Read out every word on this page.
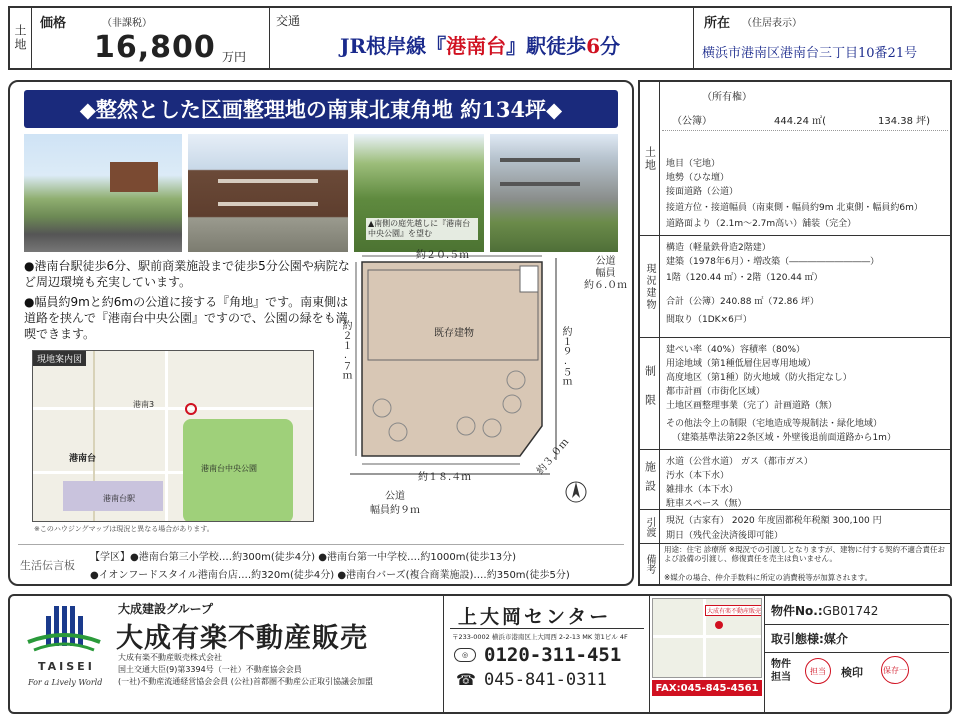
土地
価格	（非課税）
16,800 万円
交通
JR根岸線『港南台』駅徒歩6分
所在 （住居表示）
横浜市港南区港南台三丁目10番21号
◆整然とした区画整理地の南東北東角地 約134坪◆
▲南側の庭先越しに『港南台中央公園』を望む
●港南台駅徒歩6分、駅前商業施設まで徒歩5分公園や病院など周辺環境も充実しています。
●幅員約9mと約6mの公道に接する『角地』です。南東側は道路を挟んで『港南台中央公園』ですので、公園の緑をも満喫できます。
現地案内図
港南台
港南台中央公園
港南台駅
港南3
※このハウジングマップは現況と異なる場合があります。
約２０.５ｍ
約２１.７ｍ	約１９.５ｍ
約１８.４ｍ
約３.０ｍ
既存建物
公道
幅員
約６.０ｍ
公道
幅員約９ｍ
生活伝言板
【学区】●港南台第三小学校‥‥約300m(徒歩4分) ●港南台第一中学校‥‥約1000m(徒歩13分)
●イオンフードスタイル港南台店‥‥約320m(徒歩4分) ●港南台バーズ(複合商業施設)‥‥約350m(徒歩5分)
土地
（所有権）
（公簿）	444.24 ㎡(	134.38 坪)
地目（宅地）
地勢（ひな壇）
接面道路（公道）
接道方位・接道幅員（南東側・幅員約9m 北東側・幅員約6m）
道路面より（2.1m～2.7m高い）舗装（完全）
現況建物
構造（軽量鉄骨造2階建）
建築（1978年6月）・増改築（―――――――――）
1階（120.44 ㎡）・2階（120.44 ㎡）
合計（公簿）240.88 ㎡（72.86 坪）
間取り（1DK×6戸）
制限
建ぺい率（40%）容積率（80%）
用途地域（第1種低層住居専用地域）
高度地区（第1種）防火地域（防火指定なし）
都市計画（市街化区域）
土地区画整理事業（完了）計画道路（無）
その他法令上の制限（宅地造成等規制法・緑化地域）
（建築基準法第22条区域・外壁後退前面道路から1m）
施設 水道（公営水道） ガス（都市ガス）
汚水（本下水）
雑排水（本下水）
駐車スペース（無）
引渡 現況（古家有） 2020 年度固都税年税額 300,100 円
期日（残代金決済後即可能）
備考
用途：住宅 診療所 ※現況での引渡しとなりますが、建物に付する契約不適合責任および設備の引渡し、修復責任を売主は負いません。
※媒介の場合、仲介手数料に所定の消費税等が加算されます。
TAISEI
For a Lively World
大成建設グループ
大成有楽不動産販売
大成有楽不動産販売株式会社
国土交通大臣(9)第3394号（一社）不動産協会会員
(一社)不動産流通経営協会会員 (公社)首都圏不動産公正取引協議会加盟
上大岡センター
〒233-0002 横浜市港南区上大岡西 2-2-13 MK 第1ビル 4F
◎ 0120-311-451
☎ 045-841-0311
大成有楽不動産販売
FAX:045-845-4561
物件No.:GB01742
取引態様:媒介
物件担当
担当 検印	保存一
